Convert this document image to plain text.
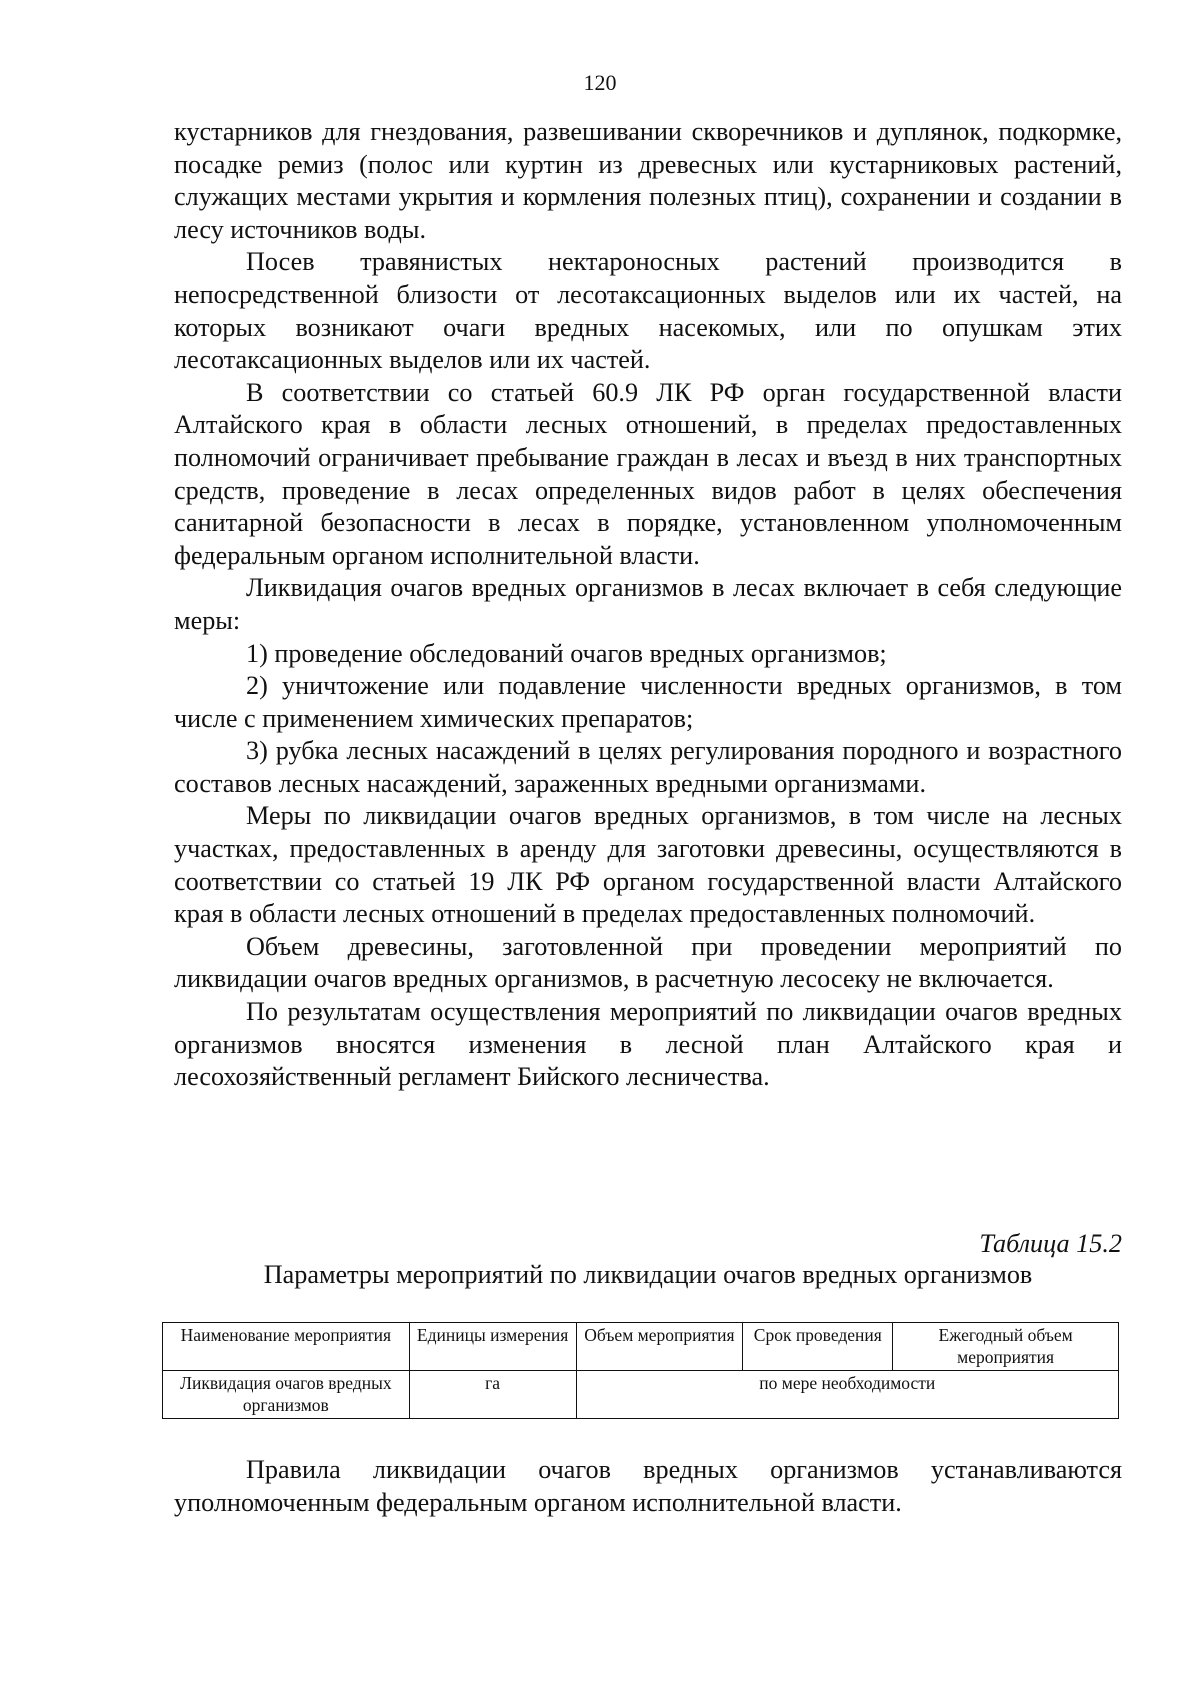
120

кустарников для гнездования, развешивании скворечников и дуплянок, подкормке, посадке ремиз (полос или куртин из древесных или кустарниковых растений, служащих местами укрытия и кормления полезных птиц), сохранении и создании в лесу источников воды.

Посев травянистых нектароносных растений производится в непосредственной близости от лесотаксационных выделов или их частей, на которых возникают очаги вредных насекомых, или по опушкам этих лесотаксационных выделов или их частей.

В соответствии со статьей 60.9 ЛК РФ орган государственной власти Алтайского края в области лесных отношений, в пределах предоставленных полномочий ограничивает пребывание граждан в лесах и въезд в них транспортных средств, проведение в лесах определенных видов работ в целях обеспечения санитарной безопасности в лесах в порядке, установленном уполномоченным федеральным органом исполнительной власти.

Ликвидация очагов вредных организмов в лесах включает в себя следующие меры:

1) проведение обследований очагов вредных организмов;

2) уничтожение или подавление численности вредных организмов, в том числе с применением химических препаратов;

3) рубка лесных насаждений в целях регулирования породного и возрастного составов лесных насаждений, зараженных вредными организмами.

Меры по ликвидации очагов вредных организмов, в том числе на лесных участках, предоставленных в аренду для заготовки древесины, осуществляются в соответствии со статьей 19 ЛК РФ органом государственной власти Алтайского края в области лесных отношений в пределах предоставленных полномочий.

Объем древесины, заготовленной при проведении мероприятий по ликвидации очагов вредных организмов, в расчетную лесосеку не включается.

По результатам осуществления мероприятий по ликвидации очагов вредных организмов вносятся изменения в лесной план Алтайского края и лесохозяйственный регламент Бийского лесничества.

Таблица 15.2
Параметры мероприятий по ликвидации очагов вредных организмов
Наименование мероприятия	Единицы измерения	Объем мероприятия	Срок проведения	Ежегодный объем мероприятия
Ликвидация очагов вредных организмов	га	по мере необходимости		

Правила ликвидации очагов вредных организмов устанавливаются уполномоченным федеральным органом исполнительной власти.
